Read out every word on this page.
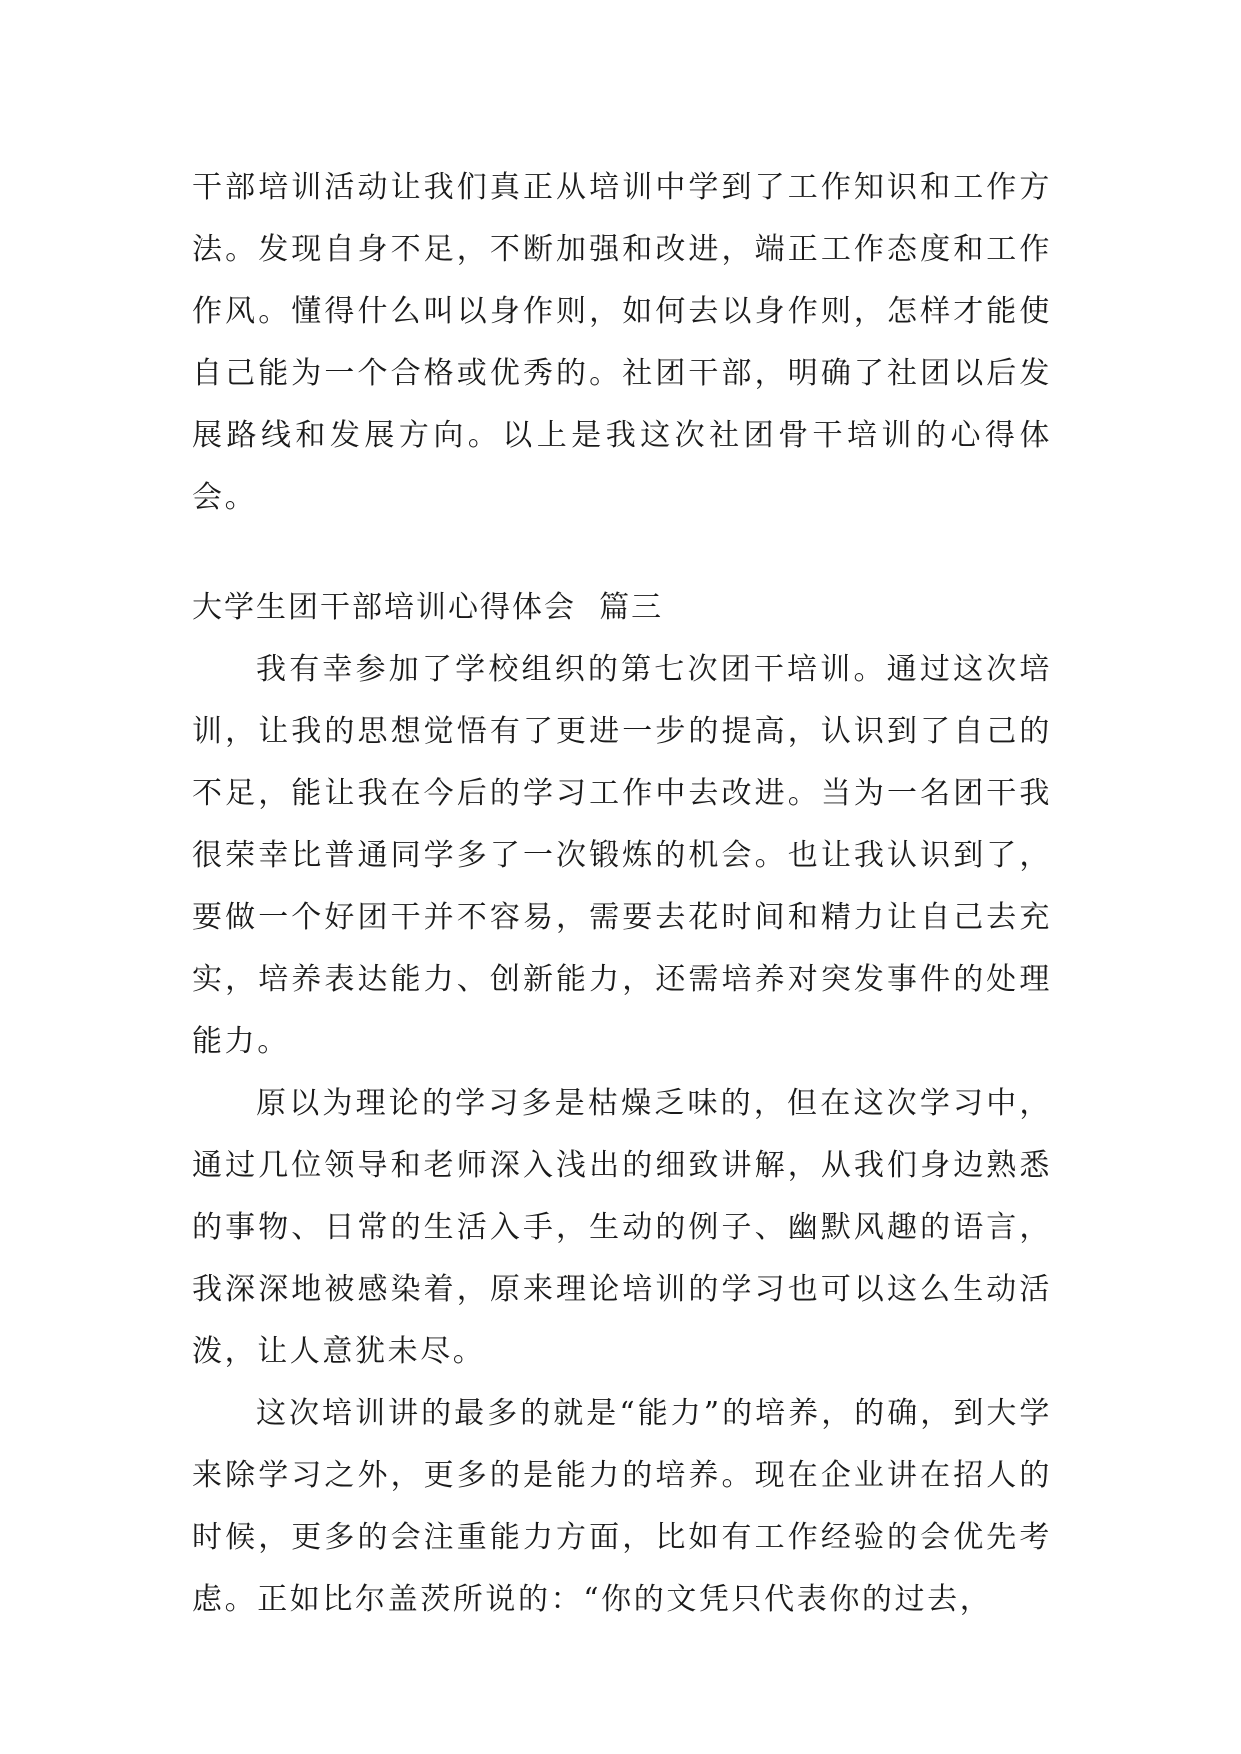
干部培训活动让我们真正从培训中学到了工作知识和工作方法。发现自身不足，不断加强和改进，端正工作态度和工作作风。懂得什么叫以身作则，如何去以身作则，怎样才能使自己能为一个合格或优秀的。社团干部，明确了社团以后发展路线和发展方向。以上是我这次社团骨干培训的心得体会。

大学生团干部培训心得体会  篇三

我有幸参加了学校组织的第七次团干培训。通过这次培训，让我的思想觉悟有了更进一步的提高，认识到了自己的不足，能让我在今后的学习工作中去改进。当为一名团干我很荣幸比普通同学多了一次锻炼的机会。也让我认识到了，要做一个好团干并不容易，需要去花时间和精力让自己去充实，培养表达能力、创新能力，还需培养对突发事件的处理能力。

原以为理论的学习多是枯燥乏味的，但在这次学习中，通过几位领导和老师深入浅出的细致讲解，从我们身边熟悉的事物、日常的生活入手，生动的例子、幽默风趣的语言，我深深地被感染着，原来理论培训的学习也可以这么生动活泼，让人意犹未尽。

这次培训讲的最多的就是“能力”的培养，的确，到大学来除学习之外，更多的是能力的培养。现在企业讲在招人的时候，更多的会注重能力方面，比如有工作经验的会优先考虑。正如比尔盖茨所说的：“你的文凭只代表你的过去，
